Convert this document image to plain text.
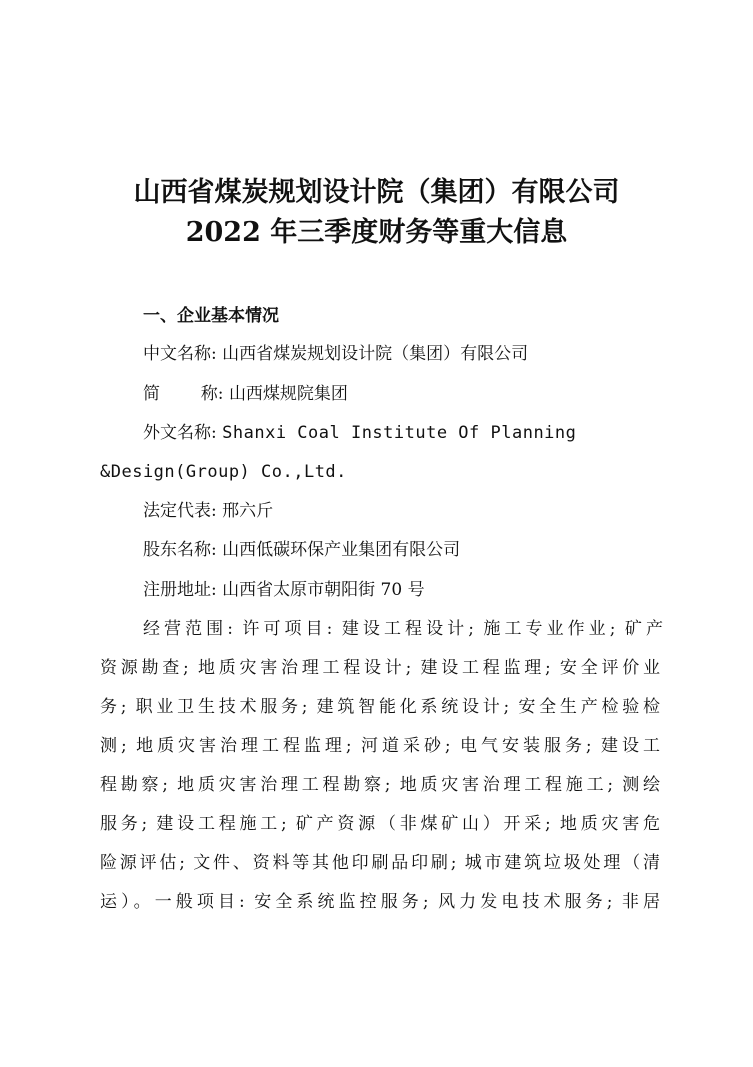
山西省煤炭规划设计院（集团）有限公司
2022 年三季度财务等重大信息
一、企业基本情况
中文名称: 山西省煤炭规划设计院（集团）有限公司
简 称: 山西煤规院集团
外文名称: Shanxi Coal Institute Of Planning
&Design(Group) Co.,Ltd.
法定代表: 邢六斤
股东名称: 山西低碳环保产业集团有限公司
注册地址: 山西省太原市朝阳街 70 号
经营范围: 许可项目: 建设工程设计; 施工专业作业; 矿产
资源勘查; 地质灾害治理工程设计; 建设工程监理; 安全评价业
务; 职业卫生技术服务; 建筑智能化系统设计; 安全生产检验检
测; 地质灾害治理工程监理; 河道采砂; 电气安装服务; 建设工
程勘察; 地质灾害治理工程勘察; 地质灾害治理工程施工; 测绘
服务; 建设工程施工; 矿产资源（非煤矿山）开采; 地质灾害危
险源评估; 文件、资料等其他印刷品印刷; 城市建筑垃圾处理（清
运）。一般项目: 安全系统监控服务; 风力发电技术服务; 非居
